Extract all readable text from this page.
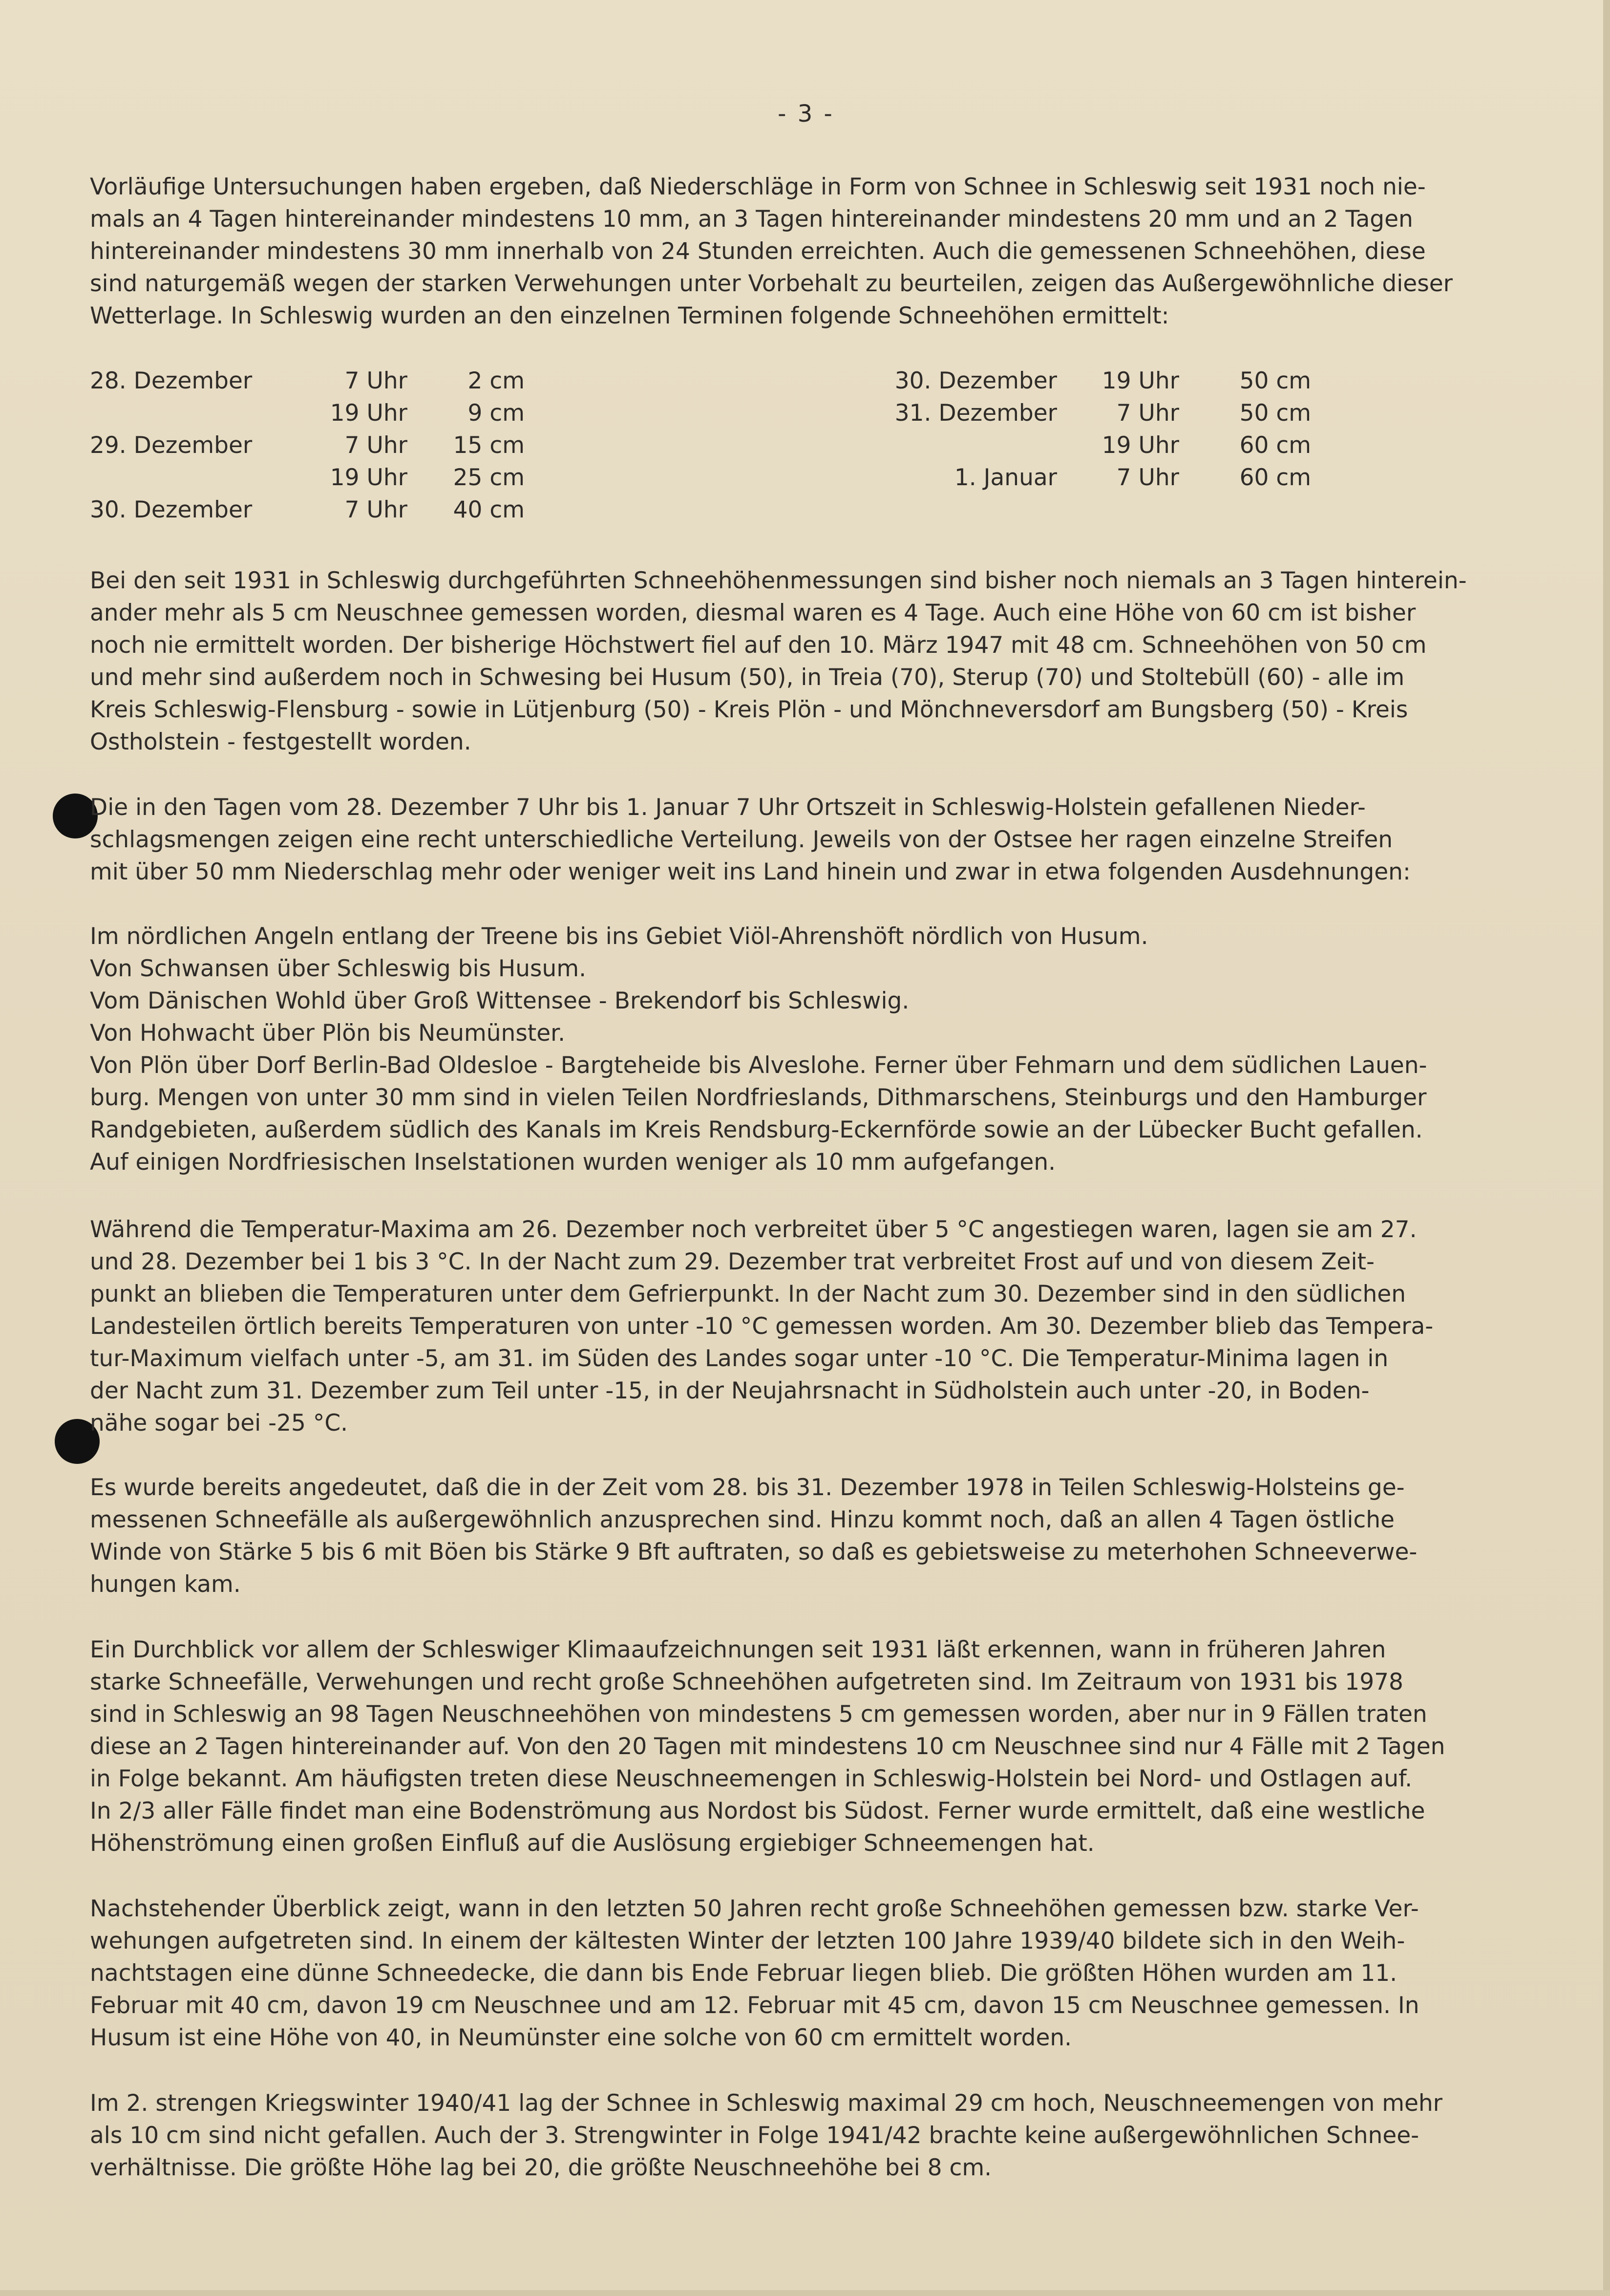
- 3 -
Vorläufige Untersuchungen haben ergeben, daß Niederschläge in Form von Schnee in Schleswig seit 1931 noch nie-
mals an 4 Tagen hintereinander mindestens 10 mm, an 3 Tagen hintereinander mindestens 20 mm und an 2 Tagen
hintereinander mindestens 30 mm innerhalb von 24 Stunden erreichten. Auch die gemessenen Schneehöhen, diese
sind naturgemäß wegen der starken Verwehungen unter Vorbehalt zu beurteilen, zeigen das Außergewöhnliche dieser
Wetterlage. In Schleswig wurden an den einzelnen Terminen folgende Schneehöhen ermittelt:
28. Dezember	7 Uhr	2 cm
19 Uhr	9 cm
29. Dezember	7 Uhr	15 cm
19 Uhr	25 cm
30. Dezember	7 Uhr	40 cm
30. Dezember	19 Uhr	50 cm
31. Dezember	7 Uhr	50 cm
19 Uhr	60 cm
1. Januar	7 Uhr	60 cm
Bei den seit 1931 in Schleswig durchgeführten Schneehöhenmessungen sind bisher noch niemals an 3 Tagen hinterein-
ander mehr als 5 cm Neuschnee gemessen worden, diesmal waren es 4 Tage. Auch eine Höhe von 60 cm ist bisher
noch nie ermittelt worden. Der bisherige Höchstwert fiel auf den 10. März 1947 mit 48 cm. Schneehöhen von 50 cm
und mehr sind außerdem noch in Schwesing bei Husum (50), in Treia (70), Sterup (70) und Stoltebüll (60) - alle im
Kreis Schleswig-Flensburg - sowie in Lütjenburg (50) - Kreis Plön - und Mönchneversdorf am Bungsberg (50) - Kreis
Ostholstein - festgestellt worden.
Die in den Tagen vom 28. Dezember 7 Uhr bis 1. Januar 7 Uhr Ortszeit in Schleswig-Holstein gefallenen Nieder-
schlagsmengen zeigen eine recht unterschiedliche Verteilung. Jeweils von der Ostsee her ragen einzelne Streifen
mit über 50 mm Niederschlag mehr oder weniger weit ins Land hinein und zwar in etwa folgenden Ausdehnungen:
Im nördlichen Angeln entlang der Treene bis ins Gebiet Viöl-Ahrenshöft nördlich von Husum.
Von Schwansen über Schleswig bis Husum.
Vom Dänischen Wohld über Groß Wittensee - Brekendorf bis Schleswig.
Von Hohwacht über Plön bis Neumünster.
Von Plön über Dorf Berlin-Bad Oldesloe - Bargteheide bis Alveslohe. Ferner über Fehmarn und dem südlichen Lauen-
burg. Mengen von unter 30 mm sind in vielen Teilen Nordfrieslands, Dithmarschens, Steinburgs und den Hamburger
Randgebieten, außerdem südlich des Kanals im Kreis Rendsburg-Eckernförde sowie an der Lübecker Bucht gefallen.
Auf einigen Nordfriesischen Inselstationen wurden weniger als 10 mm aufgefangen.
Während die Temperatur-Maxima am 26. Dezember noch verbreitet über 5 °C angestiegen waren, lagen sie am 27.
und 28. Dezember bei 1 bis 3 °C. In der Nacht zum 29. Dezember trat verbreitet Frost auf und von diesem Zeit-
punkt an blieben die Temperaturen unter dem Gefrierpunkt. In der Nacht zum 30. Dezember sind in den südlichen
Landesteilen örtlich bereits Temperaturen von unter -10 °C gemessen worden. Am 30. Dezember blieb das Tempera-
tur-Maximum vielfach unter -5, am 31. im Süden des Landes sogar unter -10 °C. Die Temperatur-Minima lagen in
der Nacht zum 31. Dezember zum Teil unter -15, in der Neujahrsnacht in Südholstein auch unter -20, in Boden-
nähe sogar bei -25 °C.
Es wurde bereits angedeutet, daß die in der Zeit vom 28. bis 31. Dezember 1978 in Teilen Schleswig-Holsteins ge-
messenen Schneefälle als außergewöhnlich anzusprechen sind. Hinzu kommt noch, daß an allen 4 Tagen östliche
Winde von Stärke 5 bis 6 mit Böen bis Stärke 9 Bft auftraten, so daß es gebietsweise zu meterhohen Schneeverwe-
hungen kam.
Ein Durchblick vor allem der Schleswiger Klimaaufzeichnungen seit 1931 läßt erkennen, wann in früheren Jahren
starke Schneefälle, Verwehungen und recht große Schneehöhen aufgetreten sind. Im Zeitraum von 1931 bis 1978
sind in Schleswig an 98 Tagen Neuschneehöhen von mindestens 5 cm gemessen worden, aber nur in 9 Fällen traten
diese an 2 Tagen hintereinander auf. Von den 20 Tagen mit mindestens 10 cm Neuschnee sind nur 4 Fälle mit 2 Tagen
in Folge bekannt. Am häufigsten treten diese Neuschneemengen in Schleswig-Holstein bei Nord- und Ostlagen auf.
In 2/3 aller Fälle findet man eine Bodenströmung aus Nordost bis Südost. Ferner wurde ermittelt, daß eine westliche
Höhenströmung einen großen Einfluß auf die Auslösung ergiebiger Schneemengen hat.
Nachstehender Überblick zeigt, wann in den letzten 50 Jahren recht große Schneehöhen gemessen bzw. starke Ver-
wehungen aufgetreten sind. In einem der kältesten Winter der letzten 100 Jahre 1939/40 bildete sich in den Weih-
nachtstagen eine dünne Schneedecke, die dann bis Ende Februar liegen blieb. Die größten Höhen wurden am 11.
Februar mit 40 cm, davon 19 cm Neuschnee und am 12. Februar mit 45 cm, davon 15 cm Neuschnee gemessen. In
Husum ist eine Höhe von 40, in Neumünster eine solche von 60 cm ermittelt worden.
Im 2. strengen Kriegswinter 1940/41 lag der Schnee in Schleswig maximal 29 cm hoch, Neuschneemengen von mehr
als 10 cm sind nicht gefallen. Auch der 3. Strengwinter in Folge 1941/42 brachte keine außergewöhnlichen Schnee-
verhältnisse. Die größte Höhe lag bei 20, die größte Neuschneehöhe bei 8 cm.
